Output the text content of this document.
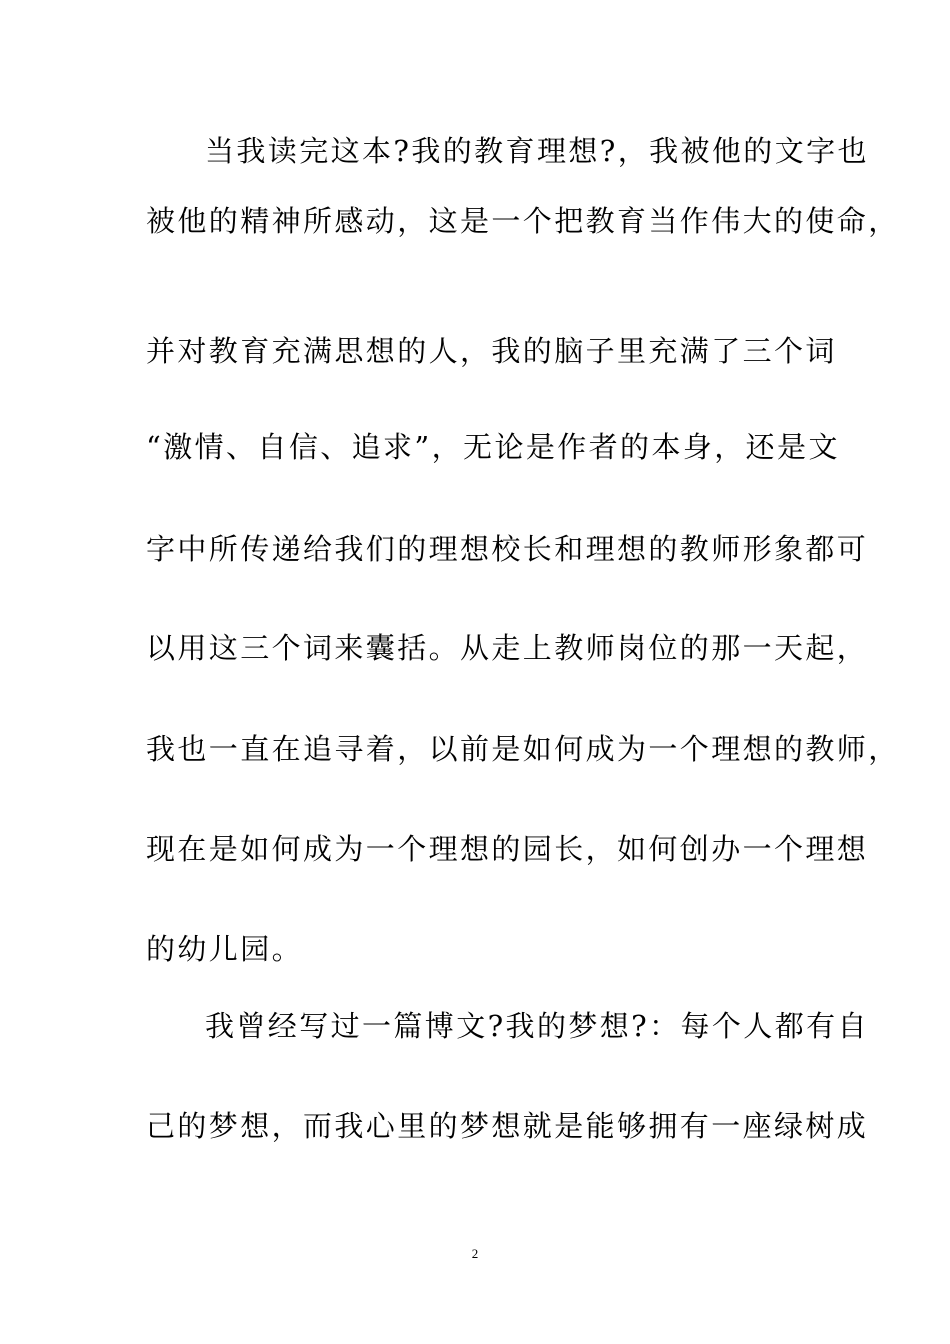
当我读完这本?我的教育理想?，我被他的文字也
被他的精神所感动，这是一个把教育当作伟大的使命，
并对教育充满思想的人，我的脑子里充满了三个词
“激情、自信、追求”，无论是作者的本身，还是文
字中所传递给我们的理想校长和理想的教师形象都可
以用这三个词来囊括。从走上教师岗位的那一天起，
我也一直在追寻着，以前是如何成为一个理想的教师，
现在是如何成为一个理想的园长，如何创办一个理想
的幼儿园。
我曾经写过一篇博文?我的梦想?：每个人都有自
己的梦想，而我心里的梦想就是能够拥有一座绿树成
2
